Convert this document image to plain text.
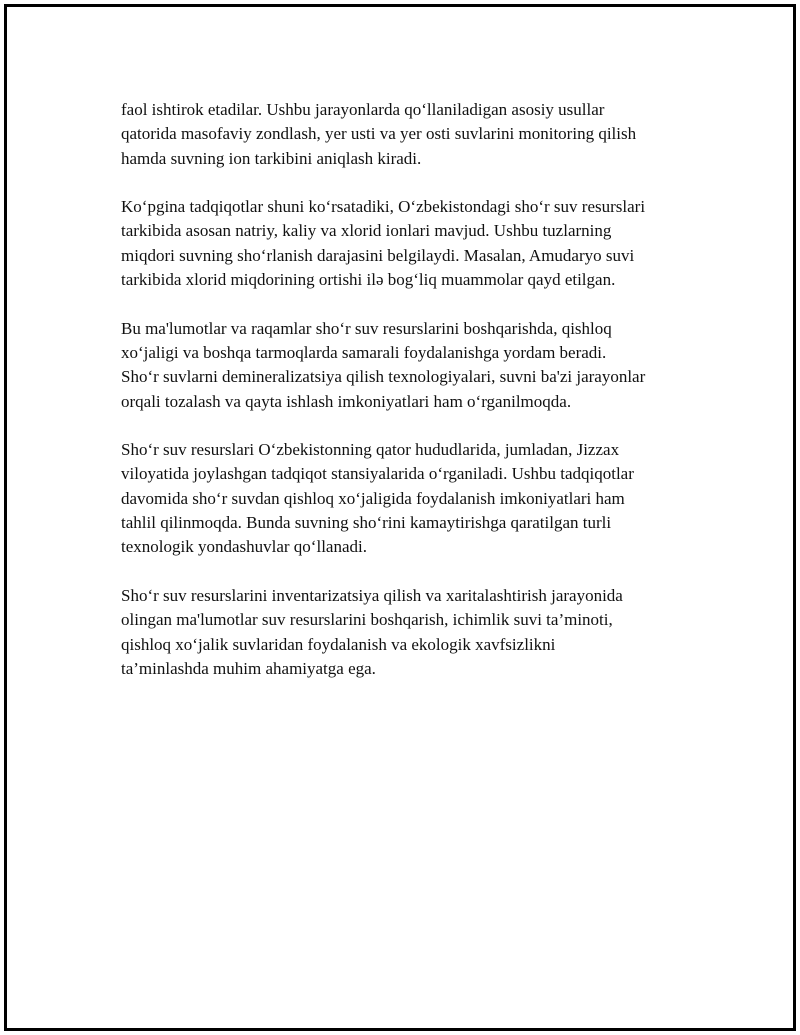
faol ishtirok etadilar. Ushbu jarayonlarda qo‘llaniladigan asosiy usullar
qatorida masofaviy zondlash, yer usti va yer osti suvlarini monitoring qilish
hamda suvning ion tarkibini aniqlash kiradi.

Ko‘pgina tadqiqotlar shuni ko‘rsatadiki, O‘zbekistondagi sho‘r suv resurslari
tarkibida asosan natriy, kaliy va xlorid ionlari mavjud. Ushbu tuzlarning
miqdori suvning sho‘rlanish darajasini belgilaydi. Masalan, Amudaryo suvi
tarkibida xlorid miqdorining ortishi ilə bog‘liq muammolar qayd etilgan.

Bu ma'lumotlar va raqamlar sho‘r suv resurslarini boshqarishda, qishloq
xo‘jaligi va boshqa tarmoqlarda samarali foydalanishga yordam beradi.
Sho‘r suvlarni demineralizatsiya qilish texnologiyalari, suvni ba'zi jarayonlar
orqali tozalash va qayta ishlash imkoniyatlari ham o‘rganilmoqda.

Sho‘r suv resurslari O‘zbekistonning qator hududlarida, jumladan, Jizzax
viloyatida joylashgan tadqiqot stansiyalarida o‘rganiladi. Ushbu tadqiqotlar
davomida sho‘r suvdan qishloq xo‘jaligida foydalanish imkoniyatlari ham
tahlil qilinmoqda. Bunda suvning sho‘rini kamaytirishga qaratilgan turli
texnologik yondashuvlar qo‘llanadi.

Sho‘r suv resurslarini inventarizatsiya qilish va xaritalashtirish jarayonida
olingan ma'lumotlar suv resurslarini boshqarish, ichimlik suvi ta’minoti,
qishloq xo‘jalik suvlaridan foydalanish va ekologik xavfsizlikni
ta’minlashda muhim ahamiyatga ega.
